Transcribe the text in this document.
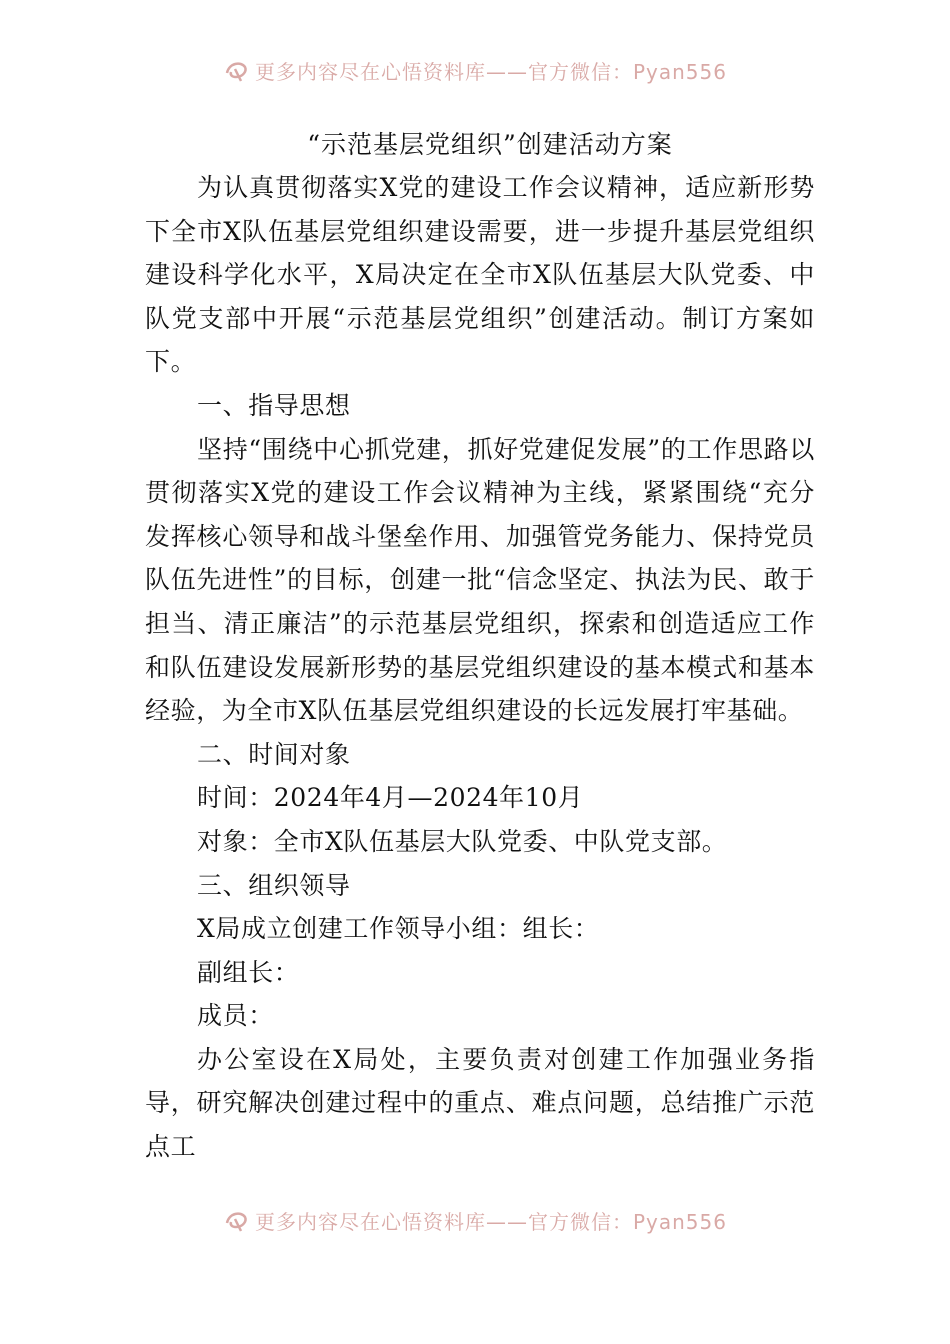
更多内容尽在心悟资料库——官方微信：Pyan556
“示范基层党组织”创建活动方案

为认真贯彻落实X党的建设工作会议精神，适应新形势下全市X队伍基层党组织建设需要，进一步提升基层党组织建设科学化水平，X局决定在全市X队伍基层大队党委、中队党支部中开展“示范基层党组织”创建活动。制订方案如下。

一、指导思想

坚持“围绕中心抓党建，抓好党建促发展”的工作思路以贯彻落实X党的建设工作会议精神为主线，紧紧围绕“充分发挥核心领导和战斗堡垒作用、加强管党务能力、保持党员队伍先进性”的目标，创建一批“信念坚定、执法为民、敢于担当、清正廉洁”的示范基层党组织，探索和创造适应工作和队伍建设发展新形势的基层党组织建设的基本模式和基本经验，为全市X队伍基层党组织建设的长远发展打牢基础。

二、时间对象

时间：2024年4月—2024年10月

对象：全市X队伍基层大队党委、中队党支部。

三、组织领导

X局成立创建工作领导小组：组长：

副组长：

成员：

办公室设在X局处，主要负责对创建工作加强业务指导，研究解决创建过程中的重点、难点问题，总结推广示范点工

更多内容尽在心悟资料库——官方微信：Pyan556
